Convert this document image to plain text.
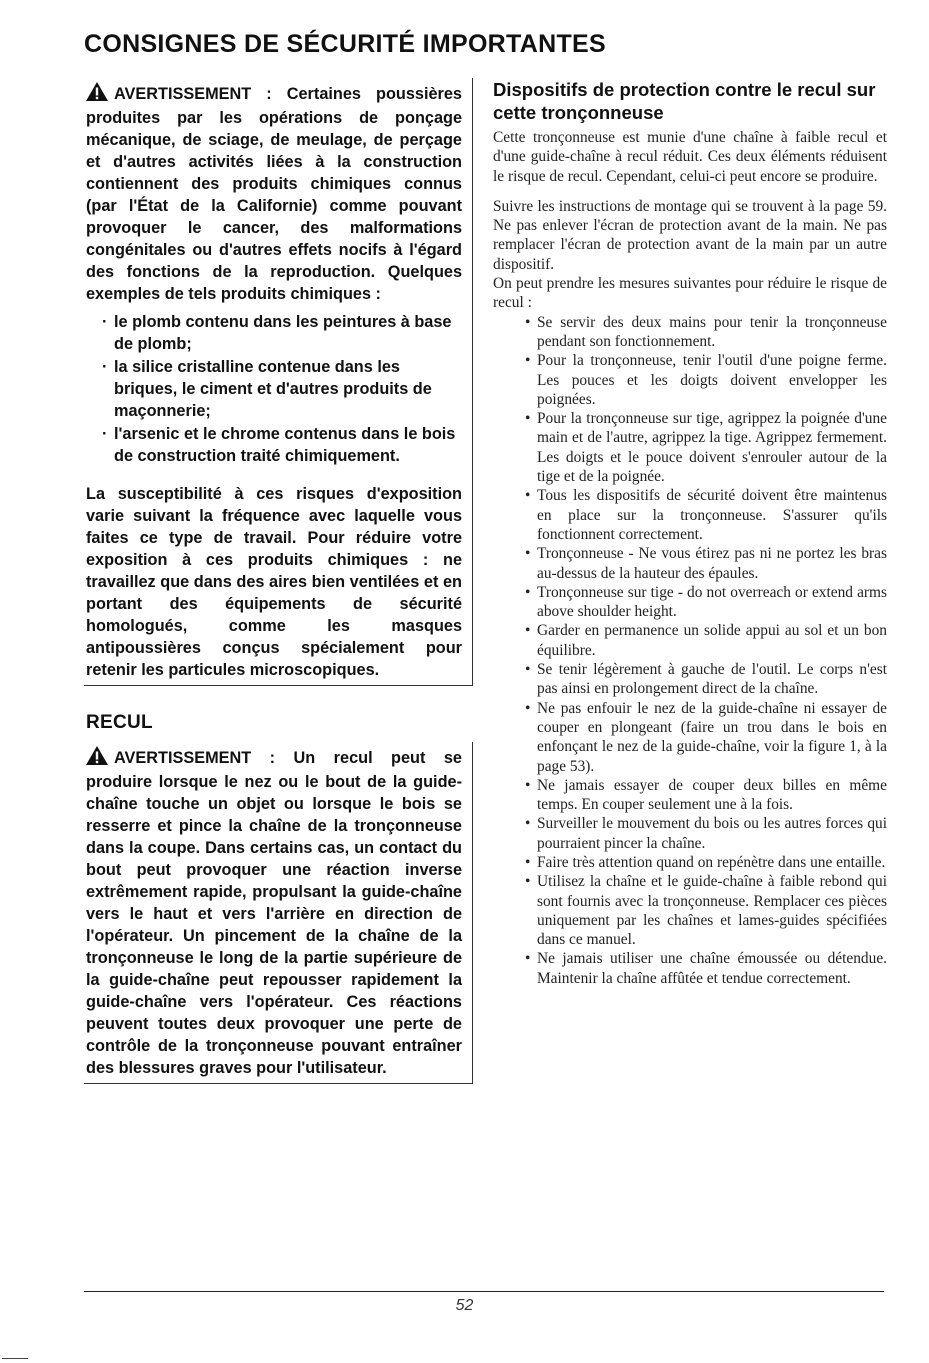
CONSIGNES DE SÉCURITÉ IMPORTANTES

AVERTISSEMENT : Certaines poussières produites par les opérations de ponçage mécanique, de sciage, de meulage, de perçage et d'autres activités liées à la construction contiennent des produits chimiques connus (par l'État de la Californie) comme pouvant provoquer le cancer, des malformations congénitales ou d'autres effets nocifs à l'égard des fonctions de la reproduction. Quelques exemples de tels produits chimiques :

· le plomb contenu dans les peintures à base de plomb;
· la silice cristalline contenue dans les briques, le ciment et d'autres produits de maçonnerie;
· l'arsenic et le chrome contenus dans le bois de construction traité chimiquement.

La susceptibilité à ces risques d'exposition varie suivant la fréquence avec laquelle vous faites ce type de travail. Pour réduire votre exposition à ces produits chimiques : ne travaillez que dans des aires bien ventilées et en portant des équipements de sécurité homologués, comme les masques antipoussières conçus spécialement pour retenir les particules microscopiques.

RECUL

AVERTISSEMENT : Un recul peut se produire lorsque le nez ou le bout de la guide-chaîne touche un objet ou lorsque le bois se resserre et pince la chaîne de la tronçonneuse dans la coupe. Dans certains cas, un contact du bout peut provoquer une réaction inverse extrêmement rapide, propulsant la guide-chaîne vers le haut et vers l'arrière en direction de l'opérateur. Un pincement de la chaîne de la tronçonneuse le long de la partie supérieure de la guide-chaîne peut repousser rapidement la guide-chaîne vers l'opérateur. Ces réactions peuvent toutes deux provoquer une perte de contrôle de la tronçonneuse pouvant entraîner des blessures graves pour l'utilisateur.

Dispositifs de protection contre le recul sur cette tronçonneuse

Cette tronçonneuse est munie d'une chaîne à faible recul et d'une guide-chaîne à recul réduit. Ces deux éléments réduisent le risque de recul. Cependant, celui-ci peut encore se produire.

Suivre les instructions de montage qui se trouvent à la page 59. Ne pas enlever l'écran de protection avant de la main. Ne pas remplacer l'écran de protection avant de la main par un autre dispositif.

On peut prendre les mesures suivantes pour réduire le risque de recul :

• Se servir des deux mains pour tenir la tronçonneuse pendant son fonctionnement.
• Pour la tronçonneuse, tenir l'outil d'une poigne ferme. Les pouces et les doigts doivent envelopper les poignées.
• Pour la tronçonneuse sur tige, agrippez la poignée d'une main et de l'autre, agrippez la tige. Agrippez fermement. Les doigts et le pouce doivent s'enrouler autour de la tige et de la poignée.
• Tous les dispositifs de sécurité doivent être maintenus en place sur la tronçonneuse. S'assurer qu'ils fonctionnent correctement.
• Tronçonneuse - Ne vous étirez pas ni ne portez les bras au-dessus de la hauteur des épaules.
• Tronçonneuse sur tige - do not overreach or extend arms above shoulder height.
• Garder en permanence un solide appui au sol et un bon équilibre.
• Se tenir légèrement à gauche de l'outil. Le corps n'est pas ainsi en prolongement direct de la chaîne.
• Ne pas enfouir le nez de la guide-chaîne ni essayer de couper en plongeant (faire un trou dans le bois en enfonçant le nez de la guide-chaîne, voir la figure 1, à la page 53).
• Ne jamais essayer de couper deux billes en même temps. En couper seulement une à la fois.
• Surveiller le mouvement du bois ou les autres forces qui pourraient pincer la chaîne.
• Faire très attention quand on repénètre dans une entaille.
• Utilisez la chaîne et le guide-chaîne à faible rebond qui sont fournis avec la tronçonneuse. Remplacer ces pièces uniquement par les chaînes et lames-guides spécifiées dans ce manuel.
• Ne jamais utiliser une chaîne émoussée ou détendue. Maintenir la chaîne affûtée et tendue correctement.
52
